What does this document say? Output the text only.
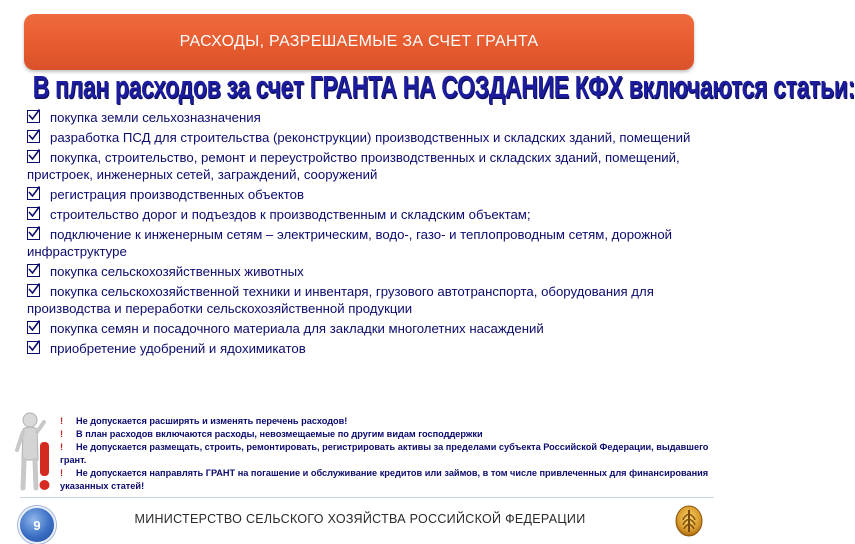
РАСХОДЫ, РАЗРЕШАЕМЫЕ ЗА СЧЕТ ГРАНТА
В план расходов за счет ГРАНТА НА СОЗДАНИЕ КФХ включаются статьи:
покупка земли сельхозназначения
разработка ПСД для строительства (реконструкции) производственных и складских зданий, помещений
покупка, строительство, ремонт и переустройство производственных и складских зданий, помещений, пристроек, инженерных сетей, заграждений, сооружений
регистрация производственных объектов
строительство дорог и подъездов к производственным и складским объектам;
подключение к инженерным сетям – электрическим, водо-, газо- и теплопроводным сетям, дорожной инфраструктуре
покупка сельскохозяйственных животных
покупка сельскохозяйственной техники и инвентаря, грузового автотранспорта, оборудования для производства и переработки сельскохозяйственной продукции
покупка семян и посадочного материала для закладки многолетних насаждений
приобретение удобрений и ядохимикатов
! Не допускается расширять и изменять перечень расходов!
! В план расходов включаются расходы, невозмещаемые по другим видам господдержки
! Не допускается размещать, строить, ремонтировать, регистрировать активы за пределами субъекта Российской Федерации, выдавшего грант.
! Не допускается направлять ГРАНТ на погашение и обслуживание кредитов или займов, в том числе привлеченных для финансирования указанных статей!
9	МИНИСТЕРСТВО СЕЛЬСКОГО ХОЗЯЙСТВА РОССИЙСКОЙ ФЕДЕРАЦИИ
